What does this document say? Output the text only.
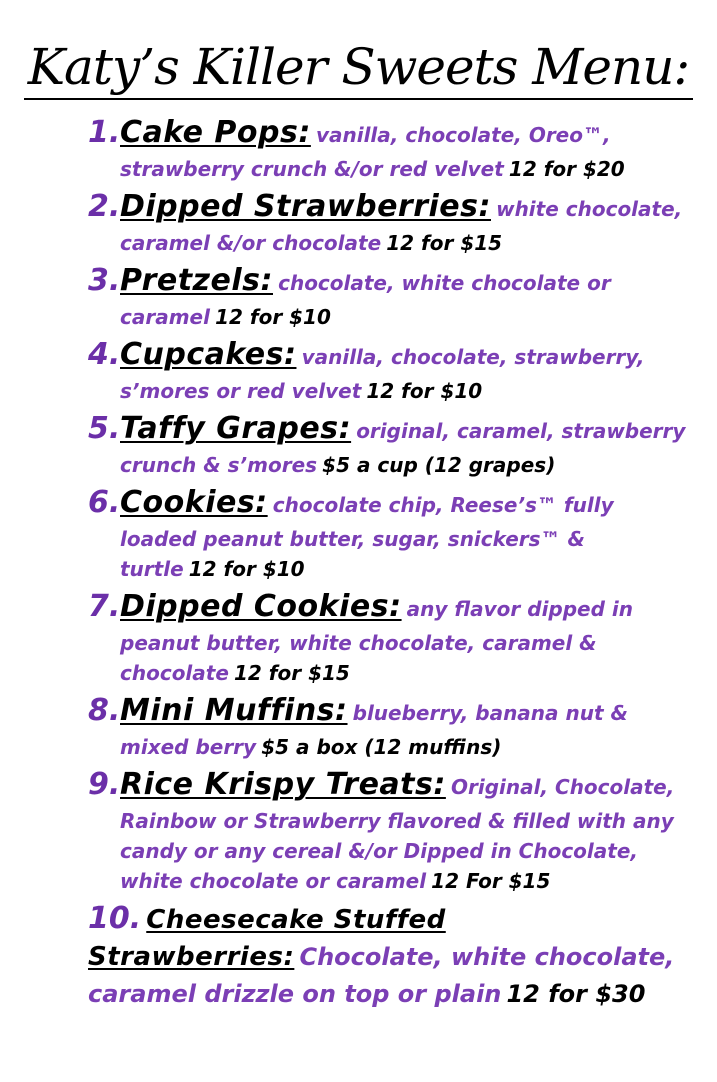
Katy’s Killer Sweets Menu:
1. Cake Pops: vanilla, chocolate, Oreo™, strawberry crunch &/or red velvet 12 for $20
2. Dipped Strawberries: white chocolate, caramel &/or chocolate 12 for $15
3. Pretzels: chocolate, white chocolate or caramel 12 for $10
4. Cupcakes: vanilla, chocolate, strawberry, s’mores or red velvet 12 for $10
5. Taffy Grapes: original, caramel, strawberry crunch & s’mores $5 a cup (12 grapes)
6. Cookies: chocolate chip, Reese’s™ fully loaded peanut butter, sugar, snickers™ & turtle 12 for $10
7. Dipped Cookies: any flavor dipped in peanut butter, white chocolate, caramel & chocolate 12 for $15
8. Mini Muffins: blueberry, banana nut & mixed berry $5 a box (12 muffins)
9. Rice Krispy Treats: Original, Chocolate, Rainbow or Strawberry flavored & filled with any candy or any cereal &/or Dipped in Chocolate, white chocolate or caramel 12 For $15
10. Cheesecake Stuffed Strawberries: Chocolate, white chocolate, caramel drizzle on top or plain 12 for $30
